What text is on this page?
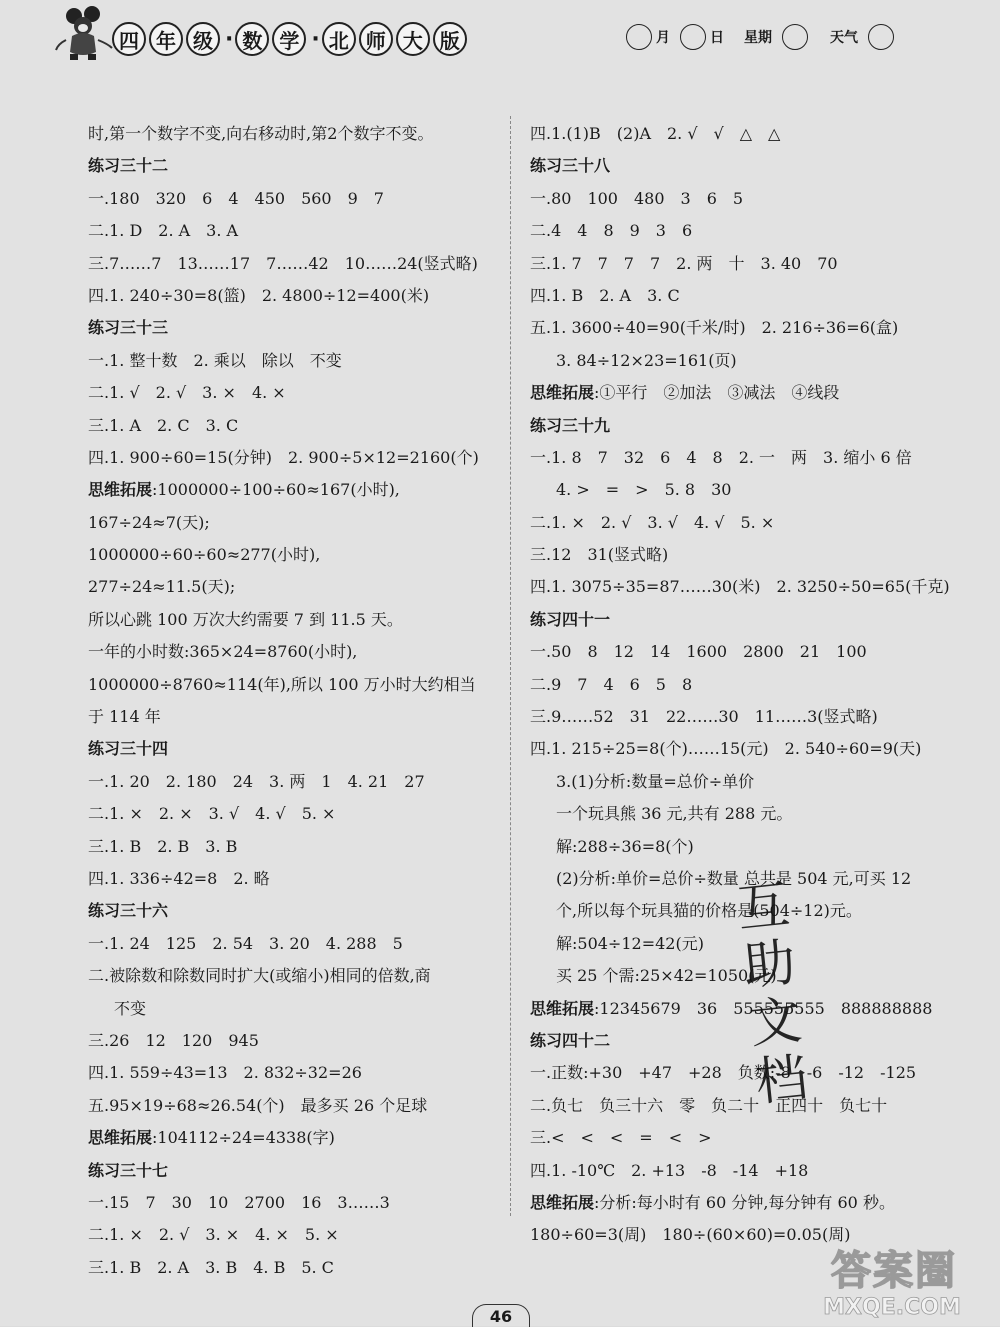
四 年 级 · 数 学 · 北 师 大 版	月	日 星期	天气
时,第一个数字不变,向右移动时,第2个数字不变。
练习三十二
一.180　320　6　4　450　560　9　7
二.1. D　2. A　3. A
三.7……7　13……17　7……42　10……24(竖式略)
四.1. 240÷30=8(篮)　2. 4800÷12=400(米)
练习三十三
一.1. 整十数　2. 乘以　除以　不变
二.1. √　2. √　3. ×　4. ×
三.1. A　2. C　3. C
四.1. 900÷60=15(分钟)　2. 900÷5×12=2160(个)
思维拓展:1000000÷100÷60≈167(小时),
167÷24≈7(天);
1000000÷60÷60≈277(小时),
277÷24≈11.5(天);
所以心跳 100 万次大约需要 7 到 11.5 天。
一年的小时数:365×24=8760(小时),
1000000÷8760≈114(年),所以 100 万小时大约相当
于 114 年
练习三十四
一.1. 20　2. 180　24　3. 两　1　4. 21　27
二.1. ×　2. ×　3. √　4. √　5. ×
三.1. B　2. B　3. B
四.1. 336÷42=8　2. 略
练习三十六
一.1. 24　125　2. 54　3. 20　4. 288　5
二.被除数和除数同时扩大(或缩小)相同的倍数,商
不变
三.26　12　120　945
四.1. 559÷43=13　2. 832÷32=26
五.95×19÷68≈26.54(个)　最多买 26 个足球
思维拓展:104112÷24=4338(字)
练习三十七
一.15　7　30　10　2700　16　3……3
二.1. ×　2. √　3. ×　4. ×　5. ×
三.1. B　2. A　3. B　4. B　5. C
四.1.(1)B　(2)A　2. √　√　△　△
练习三十八
一.80　100　480　3　6　5
二.4　4　8　9　3　6
三.1. 7　7　7　7　2. 两　十　3. 40　70
四.1. B　2. A　3. C
五.1. 3600÷40=90(千米/时)　2. 216÷36=6(盒)
3. 84÷12×23=161(页)
思维拓展:①平行　②加法　③减法　④线段
练习三十九
一.1. 8　7　32　6　4　8　2. 一　两　3. 缩小 6 倍
4. >　=　>　5. 8　30
二.1. ×　2. √　3. √　4. √　5. ×
三.12　31(竖式略)
四.1. 3075÷35=87……30(米)　2. 3250÷50=65(千克)
练习四十一
一.50　8　12　14　1600　2800　21　100
二.9　7　4　6　5　8
三.9……52　31　22……30　11……3(竖式略)
四.1. 215÷25=8(个)……15(元)　2. 540÷60=9(天)
3.(1)分析:数量=总价÷单价
一个玩具熊 36 元,共有 288 元。
解:288÷36=8(个)
(2)分析:单价=总价÷数量 总共是 504 元,可买 12
个,所以每个玩具猫的价格是(504÷12)元。
解:504÷12=42(元)
买 25 个需:25×42=1050(元)
思维拓展:12345679　36　555555555　888888888
练习四十二
一.正数:+30　+47　+28　负数:-8　-6　-12　-125
二.负七　负三十六　零　负二十　正四十　负七十
三.<　<　<　=　<　>
四.1. -10℃　2. +13　-8　-14　+18
思维拓展:分析:每小时有 60 分钟,每分钟有 60 秒。
180÷60=3(周)　180÷(60×60)=0.05(周)
互
助
文
档
46
答案圈
MXQE.COM
